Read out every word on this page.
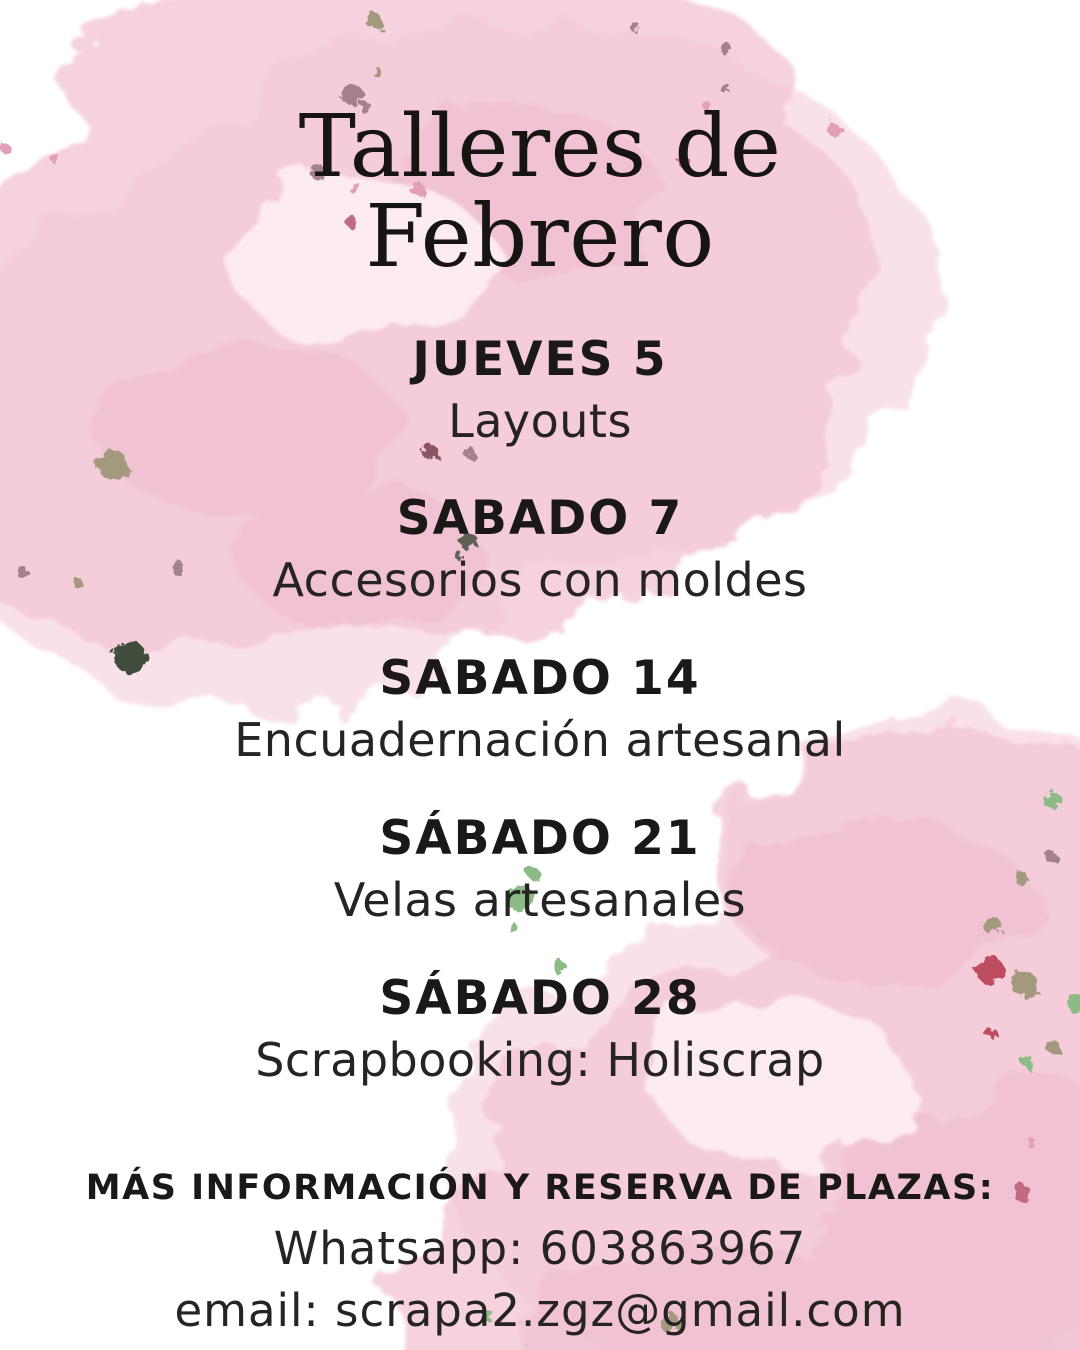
Talleres de
Febrero
JUEVES 5

Layouts

SABADO 7

Accesorios con moldes

SABADO 14

Encuadernación artesanal

SÁBADO 21

Velas artesanales

SÁBADO 28

Scrapbooking: Holiscrap

MÁS INFORMACIÓN Y RESERVA DE PLAZAS:

Whatsapp: 603863967

email: scrapa2.zgz@gmail.com
